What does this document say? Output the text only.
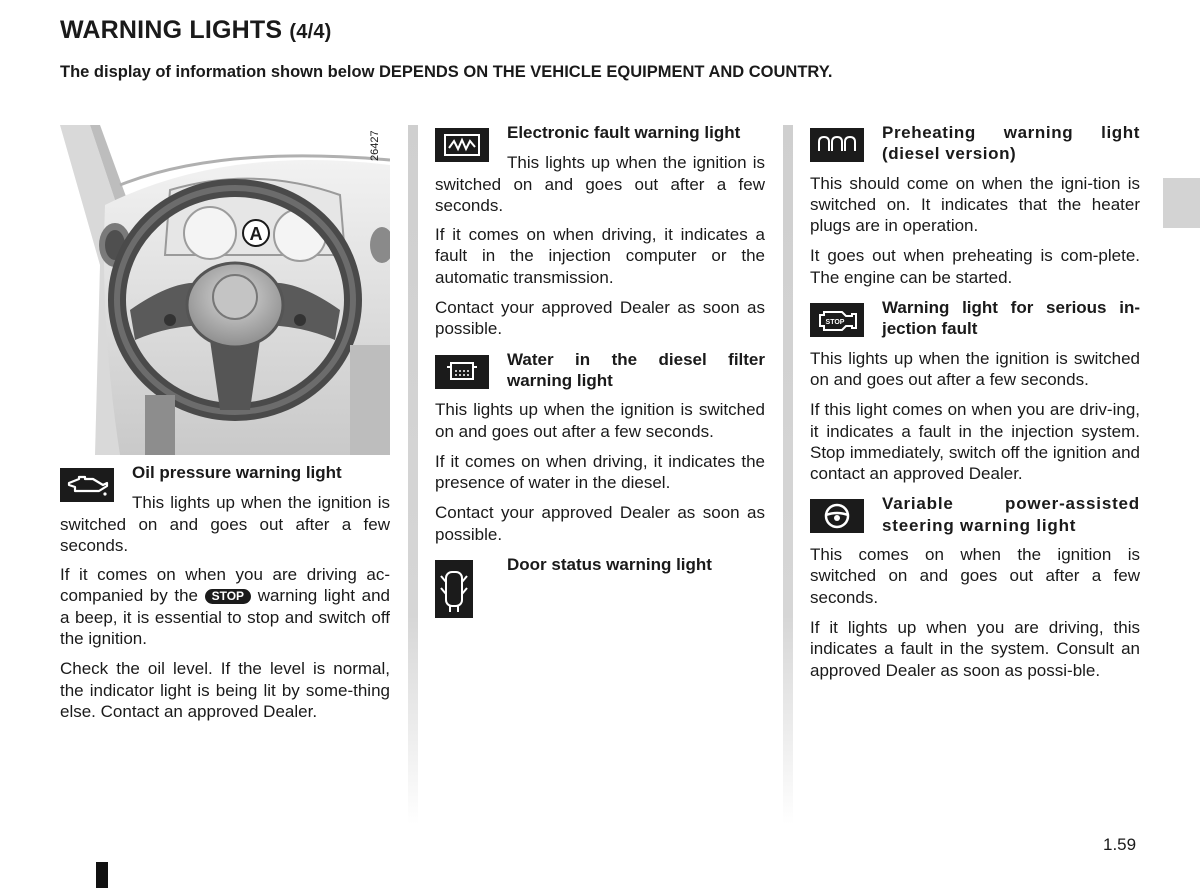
WARNING LIGHTS (4/4)
The display of information shown below DEPENDS ON THE VEHICLE EQUIPMENT AND COUNTRY.
A
26427
Oil pressure warning light
This lights up when the ignition is switched on and goes out after a few seconds.

If it comes on when you are driving ac-companied by the STOP warning light and a beep, it is essential to stop and switch off the ignition.

Check the oil level. If the level is normal, the indicator light is being lit by some-thing else. Contact an approved Dealer.

Electronic fault warning light
This lights up when the ignition is switched on and goes out after a few seconds.

If it comes on when driving, it indicates a fault in the injection computer or the automatic transmission.

Contact your approved Dealer as soon as possible.

Water in the diesel filter warning light

This lights up when the ignition is switched on and goes out after a few seconds.

If it comes on when driving, it indicates the presence of water in the diesel.

Contact your approved Dealer as soon as possible.

Door status warning light
Preheating warning light (diesel version)

This should come on when the igni-tion is switched on. It indicates that the heater plugs are in operation.

It goes out when preheating is com-plete. The engine can be started.

STOP
Warning light for serious in-jection fault

This lights up when the ignition is switched on and goes out after a few seconds.

If this light comes on when you are driv-ing, it indicates a fault in the injection system. Stop immediately, switch off the ignition and contact an approved Dealer.

Variable power-assisted steering warning light

This comes on when the ignition is switched on and goes out after a few seconds.

If it lights up when you are driving, this indicates a fault in the system. Consult an approved Dealer as soon as possi-ble.

1.59
